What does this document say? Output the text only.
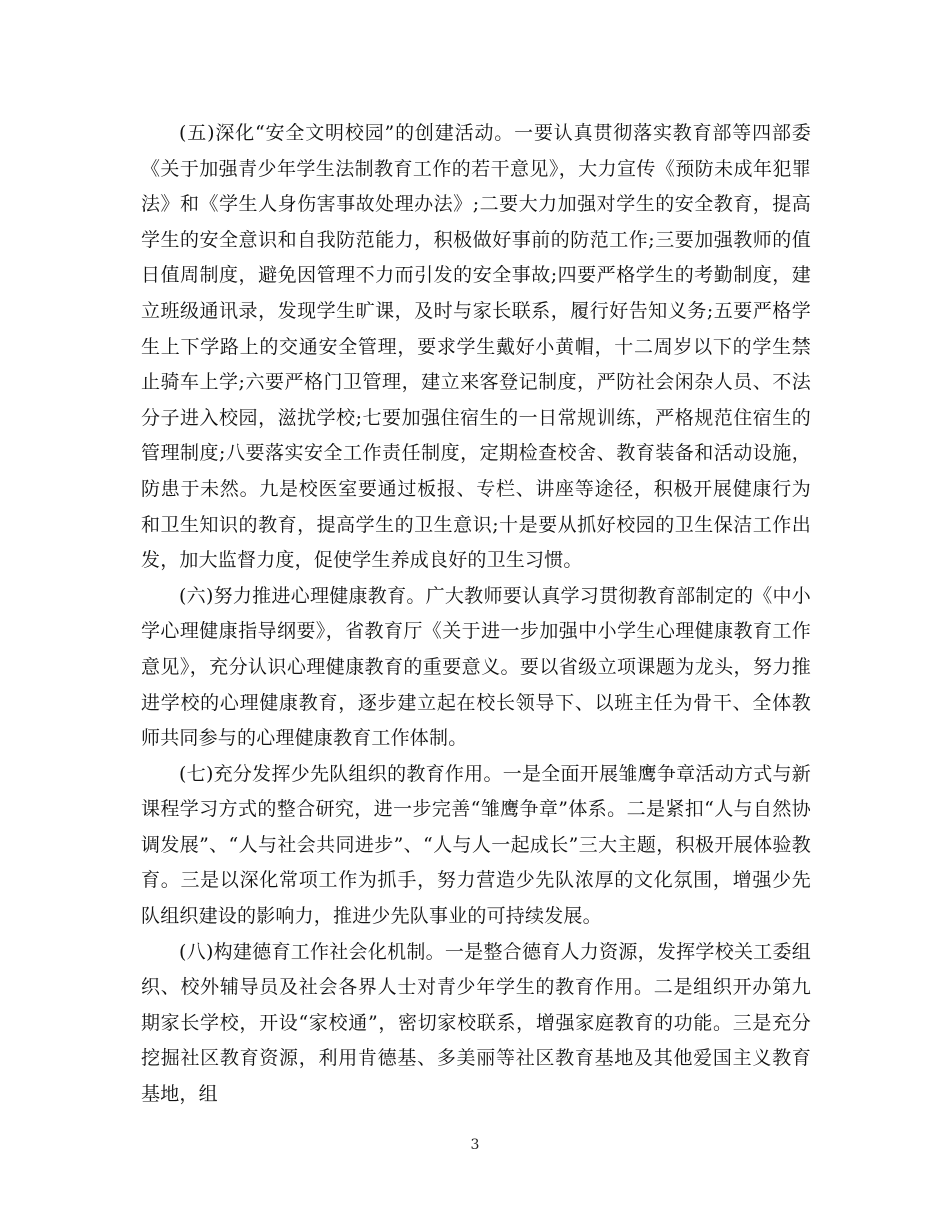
(五)深化“安全文明校园”的创建活动。一要认真贯彻落实教育部等四部委《关于加强青少年学生法制教育工作的若干意见》，大力宣传《预防未成年犯罪法》和《学生人身伤害事故处理办法》;二要大力加强对学生的安全教育，提高学生的安全意识和自我防范能力，积极做好事前的防范工作;三要加强教师的值日值周制度，避免因管理不力而引发的安全事故;四要严格学生的考勤制度，建立班级通讯录，发现学生旷课，及时与家长联系，履行好告知义务;五要严格学生上下学路上的交通安全管理，要求学生戴好小黄帽，十二周岁以下的学生禁止骑车上学;六要严格门卫管理，建立来客登记制度，严防社会闲杂人员、不法分子进入校园，滋扰学校;七要加强住宿生的一日常规训练，严格规范住宿生的管理制度;八要落实安全工作责任制度，定期检查校舍、教育装备和活动设施，防患于未然。九是校医室要通过板报、专栏、讲座等途径，积极开展健康行为和卫生知识的教育，提高学生的卫生意识;十是要从抓好校园的卫生保洁工作出发，加大监督力度，促使学生养成良好的卫生习惯。

(六)努力推进心理健康教育。广大教师要认真学习贯彻教育部制定的《中小学心理健康指导纲要》，省教育厅《关于进一步加强中小学生心理健康教育工作意见》，充分认识心理健康教育的重要意义。要以省级立项课题为龙头，努力推进学校的心理健康教育，逐步建立起在校长领导下、以班主任为骨干、全体教师共同参与的心理健康教育工作体制。

(七)充分发挥少先队组织的教育作用。一是全面开展雏鹰争章活动方式与新课程学习方式的整合研究，进一步完善“雏鹰争章”体系。二是紧扣“人与自然协调发展”、“人与社会共同进步”、“人与人一起成长”三大主题，积极开展体验教育。三是以深化常项工作为抓手，努力营造少先队浓厚的文化氛围，增强少先队组织建设的影响力，推进少先队事业的可持续发展。

(八)构建德育工作社会化机制。一是整合德育人力资源，发挥学校关工委组织、校外辅导员及社会各界人士对青少年学生的教育作用。二是组织开办第九期家长学校，开设“家校通”，密切家校联系，增强家庭教育的功能。三是充分挖掘社区教育资源，利用肯德基、多美丽等社区教育基地及其他爱国主义教育基地，组

3
